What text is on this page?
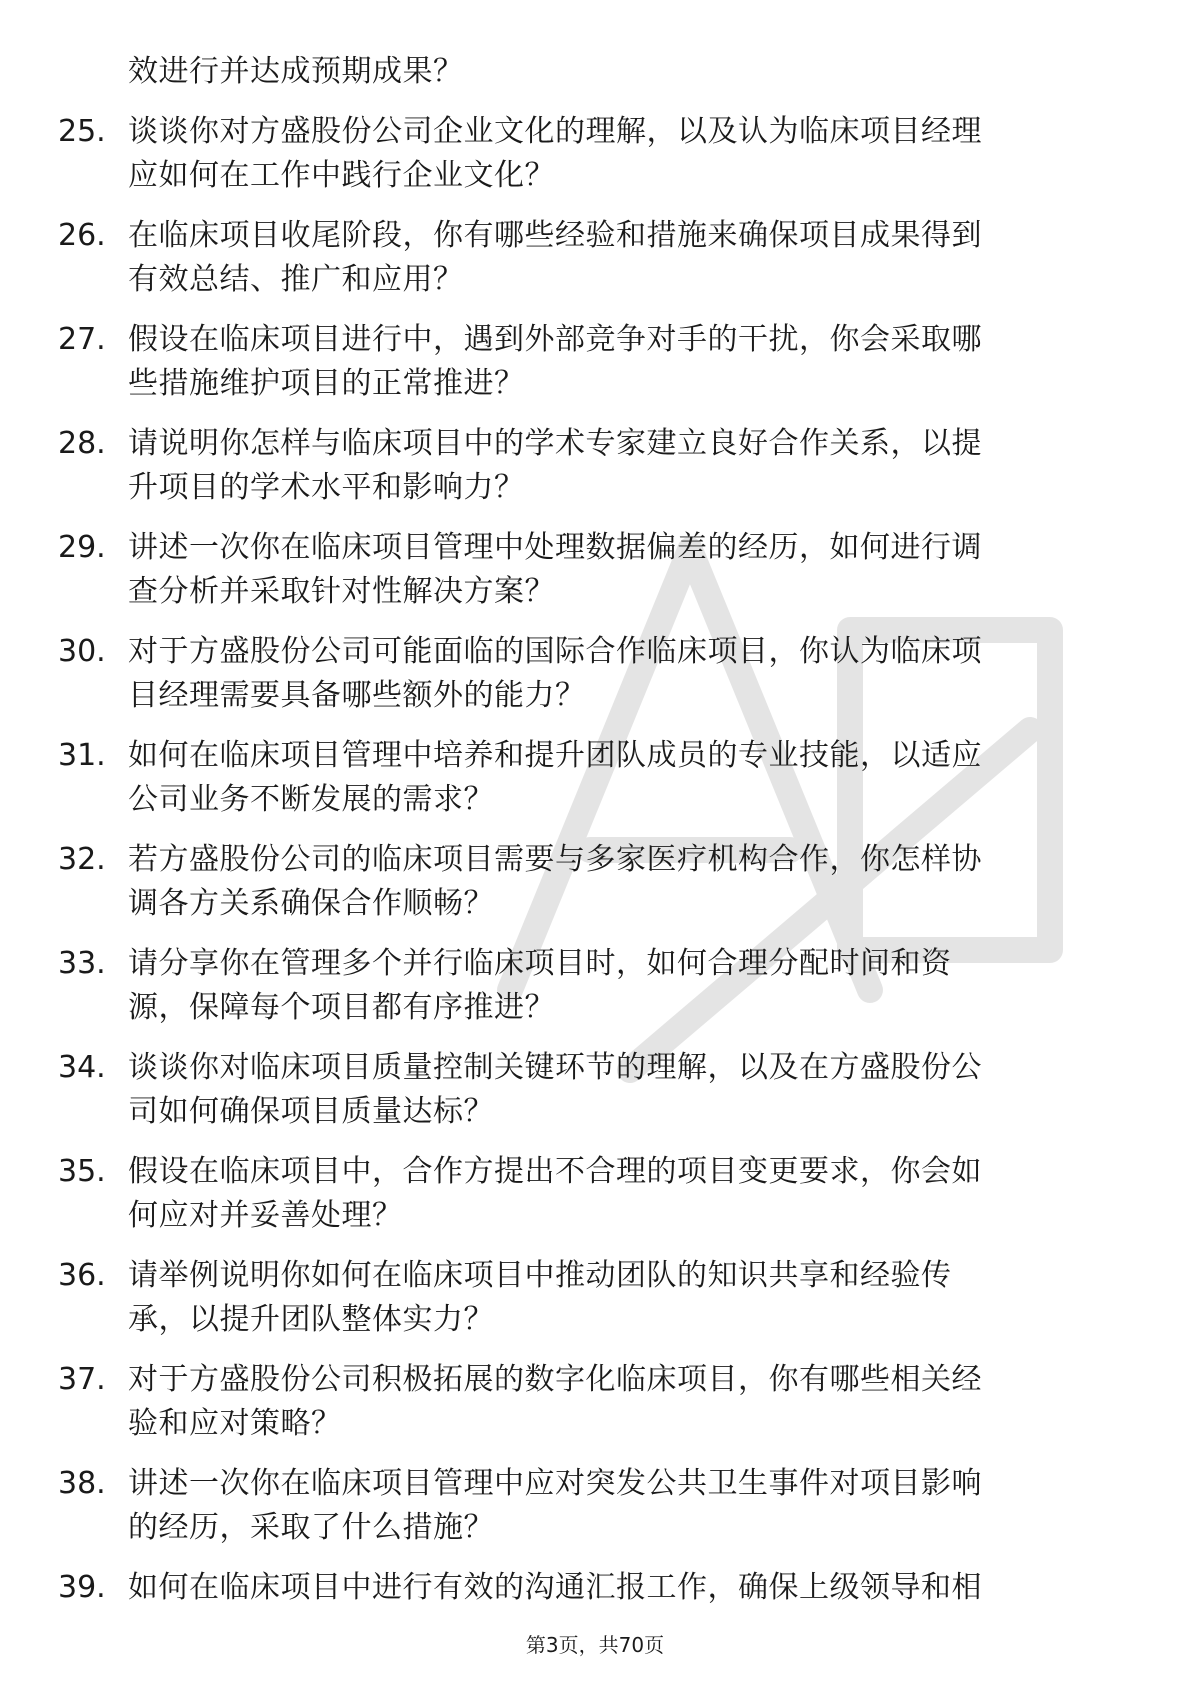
效进行并达成预期成果？
25. 谈谈你对方盛股份公司企业文化的理解，以及认为临床项目经理
应如何在工作中践行企业文化？
26. 在临床项目收尾阶段，你有哪些经验和措施来确保项目成果得到
有效总结、推广和应用？
27. 假设在临床项目进行中，遇到外部竞争对手的干扰，你会采取哪
些措施维护项目的正常推进？
28. 请说明你怎样与临床项目中的学术专家建立良好合作关系，以提
升项目的学术水平和影响力？
29. 讲述一次你在临床项目管理中处理数据偏差的经历，如何进行调
查分析并采取针对性解决方案？
30. 对于方盛股份公司可能面临的国际合作临床项目，你认为临床项
目经理需要具备哪些额外的能力？
31. 如何在临床项目管理中培养和提升团队成员的专业技能，以适应
公司业务不断发展的需求？
32. 若方盛股份公司的临床项目需要与多家医疗机构合作，你怎样协
调各方关系确保合作顺畅？
33. 请分享你在管理多个并行临床项目时，如何合理分配时间和资
源，保障每个项目都有序推进？
34. 谈谈你对临床项目质量控制关键环节的理解，以及在方盛股份公
司如何确保项目质量达标？
35. 假设在临床项目中，合作方提出不合理的项目变更要求，你会如
何应对并妥善处理？
36. 请举例说明你如何在临床项目中推动团队的知识共享和经验传
承，以提升团队整体实力？
37. 对于方盛股份公司积极拓展的数字化临床项目，你有哪些相关经
验和应对策略？
38. 讲述一次你在临床项目管理中应对突发公共卫生事件对项目影响
的经历，采取了什么措施？
39. 如何在临床项目中进行有效的沟通汇报工作，确保上级领导和相
第3页，共70页
